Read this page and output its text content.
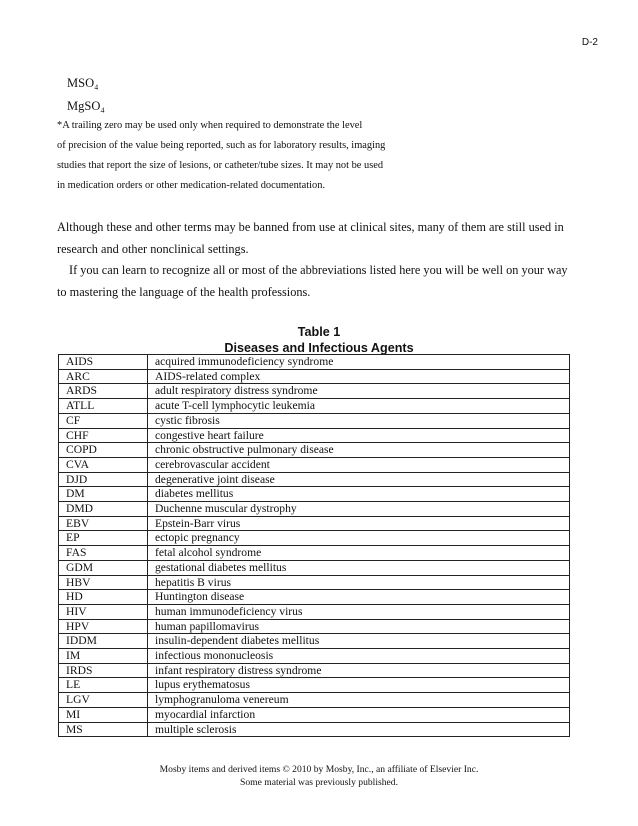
D-2
MSO₄
MgSO₄

*A trailing zero may be used only when required to demonstrate the level

of precision of the value being reported, such as for laboratory results, imaging

studies that report the size of lesions, or catheter/tube sizes. It may not be used

in medication orders or other medication-related documentation.

Although these and other terms may be banned from use at clinical sites, many of them are still used in

research and other nonclinical settings.

If you can learn to recognize all or most of the abbreviations listed here you will be well on your way

to mastering the language of the health professions.

Table 1
Diseases and Infectious Agents
AIDS	acquired immunodeficiency syndrome
ARC	AIDS-related complex
ARDS	adult respiratory distress syndrome
ATLL	acute T-cell lymphocytic leukemia
CF	cystic fibrosis
CHF	congestive heart failure
COPD	chronic obstructive pulmonary disease
CVA	cerebrovascular accident
DJD	degenerative joint disease
DM	diabetes mellitus
DMD	Duchenne muscular dystrophy
EBV	Epstein-Barr virus
EP	ectopic pregnancy
FAS	fetal alcohol syndrome
GDM	gestational diabetes mellitus
HBV	hepatitis B virus
HD	Huntington disease
HIV	human immunodeficiency virus
HPV	human papillomavirus
IDDM	insulin-dependent diabetes mellitus
IM	infectious mononucleosis
IRDS	infant respiratory distress syndrome
LE	lupus erythematosus
LGV	lymphogranuloma venereum
MI	myocardial infarction
MS	multiple sclerosis

Mosby items and derived items © 2010 by Mosby, Inc., an affiliate of Elsevier Inc.

Some material was previously published.
